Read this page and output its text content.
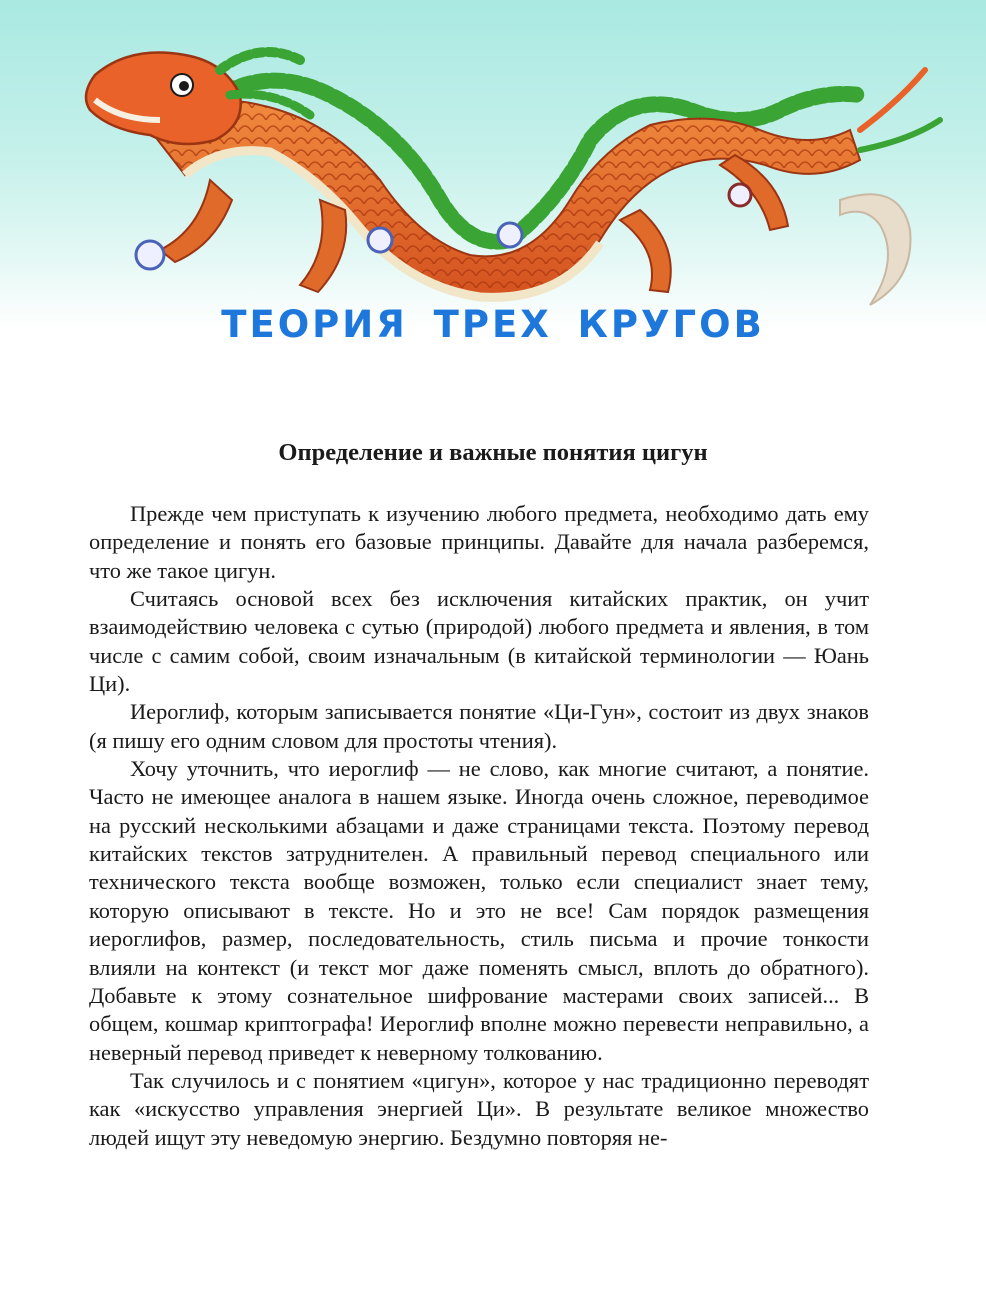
ТЕОРИЯ ТРЕХ КРУГОВ
Определение и важные понятия цигун

Прежде чем приступать к изучению любого предмета, необходимо дать ему определение и понять его базовые принципы. Давайте для начала разберемся, что же такое цигун.

Считаясь основой всех без исключения китайских практик, он учит взаимодействию человека с сутью (природой) любого предмета и явления, в том числе с самим собой, своим изначальным (в китайской терминологии — Юань Ци).

Иероглиф, которым записывается понятие «Ци-Гун», состоит из двух знаков (я пишу его одним словом для простоты чтения).

Хочу уточнить, что иероглиф — не слово, как многие считают, а понятие. Часто не имеющее аналога в нашем языке. Иногда очень сложное, переводимое на русский несколькими абзацами и даже страницами текста. Поэтому перевод китайских текстов затруднителен. А правильный перевод специального или технического текста вообще возможен, только если специалист знает тему, которую описывают в тексте. Но и это не все! Сам порядок размещения иероглифов, размер, последовательность, стиль письма и прочие тонкости влияли на контекст (и текст мог даже поменять смысл, вплоть до обратного). Добавьте к этому сознательное шифрование мастерами своих записей... В общем, кошмар криптографа! Иероглиф вполне можно перевести неправильно, а неверный перевод приведет к неверному толкованию.

Так случилось и с понятием «цигун», которое у нас традиционно переводят как «искусство управления энергией Ци». В результате великое множество людей ищут эту неведомую энергию. Бездумно повторяя не-
